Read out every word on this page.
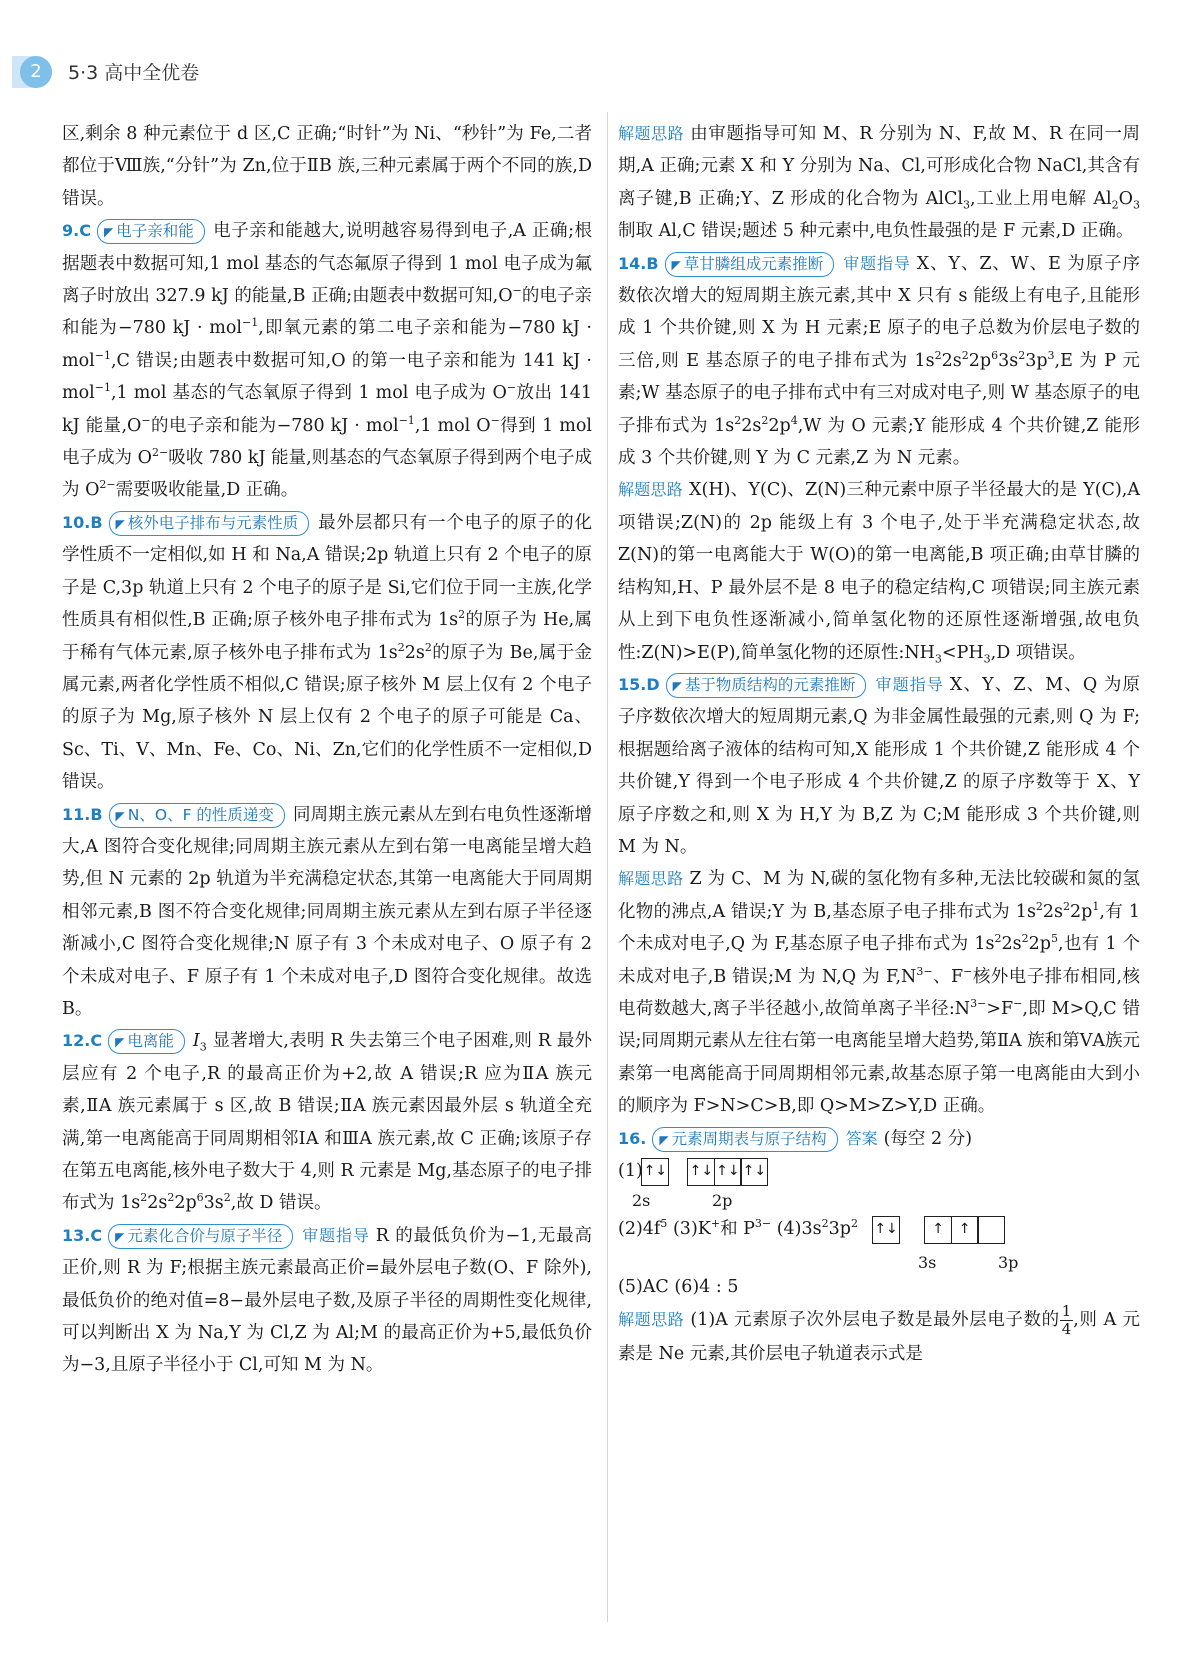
2	5·3 高中全优卷

区,剩余 8 种元素位于 d 区,C 正确;“时针”为 Ni、“秒针”为 Fe,二者都位于Ⅷ族,“分针”为 Zn,位于ⅡB 族,三种元素属于两个不同的族,D 错误。

9.C ◤ 电子亲和能 电子亲和能越大,说明越容易得到电子,A 正确;根据题表中数据可知,1 mol 基态的气态氟原子得到 1 mol 电子成为氟离子时放出 327.9 kJ 的能量,B 正确;由题表中数据可知,O−的电子亲和能为−780 kJ · mol$^{-1}$,即氧元素的第二电子亲和能为−780 kJ · mol$^{-1}$,C 错误;由题表中数据可知,O 的第一电子亲和能为 141 kJ · mol$^{-1}$,1 mol 基态的气态氧原子得到 1 mol 电子成为 O−放出 141 kJ 能量,O−的电子亲和能为−780 kJ · mol$^{-1}$,1 mol O−得到 1 mol 电子成为 $O^{2-}$吸收 780 kJ 能量,则基态的气态氧原子得到两个电子成为 $O^{2-}$需要吸收能量,D 正确。

10.B ◤ 核外电子排布与元素性质 最外层都只有一个电子的原子的化学性质不一定相似,如 H 和 Na,A 错误;2p 轨道上只有 2 个电子的原子是 C,3p 轨道上只有 2 个电子的原子是 Si,它们位于同一主族,化学性质具有相似性,B 正确;原子核外电子排布式为 $1s^2$的原子为 He,属于稀有气体元素,原子核外电子排布式为 $1s^22s^2$的原子为 Be,属于金属元素,两者化学性质不相似,C 错误;原子核外 M 层上仅有 2 个电子的原子为 Mg,原子核外 N 层上仅有 2 个电子的原子可能是 Ca、Sc、Ti、V、Mn、Fe、Co、Ni、Zn,它们的化学性质不一定相似,D 错误。

11.B ◤ N、O、F 的性质递变 同周期主族元素从左到右电负性逐渐增大,A 图符合变化规律;同周期主族元素从左到右第一电离能呈增大趋势,但 N 元素的 2p 轨道为半充满稳定状态,其第一电离能大于同周期相邻元素,B 图不符合变化规律;同周期主族元素从左到右原子半径逐渐减小,C 图符合变化规律;N 原子有 3 个未成对电子、O 原子有 2 个未成对电子、F 原子有 1 个未成对电子,D 图符合变化规律。故选 B。

12.C ◤ 电离能 $I_3$ 显著增大,表明 R 失去第三个电子困难,则 R 最外层应有 2 个电子,R 的最高正价为+2,故 A 错误;R 应为ⅡA 族元素,ⅡA 族元素属于 s 区,故 B 错误;ⅡA 族元素因最外层 s 轨道全充满,第一电离能高于同周期相邻ⅠA 和ⅢA 族元素,故 C 正确;该原子存在第五电离能,核外电子数大于 4,则 R 元素是 Mg,基态原子的电子排布式为 $1s^22s^22p^63s^2$,故 D 错误。

13.C ◤ 元素化合价与原子半径 审题指导 R 的最低负价为−1,无最高正价,则 R 为 F;根据主族元素最高正价=最外层电子数(O、F 除外),最低负价的绝对值=8−最外层电子数,及原子半径的周期性变化规律,可以判断出 X 为 Na,Y 为 Cl,Z 为 Al;M 的最高正价为+5,最低负价为−3,且原子半径小于 Cl,可知 M 为 N。

解题思路 由审题指导可知 M、R 分别为 N、F,故 M、R 在同一周期,A 正确;元素 X 和 Y 分别为 Na、Cl,可形成化合物 NaCl,其含有离子键,B 正确;Y、Z 形成的化合物为 AlCl$_3$,工业上用电解 $Al_2O_3$ 制取 Al,C 错误;题述 5 种元素中,电负性最强的是 F 元素,D 正确。

14.B ◤ 草甘膦组成元素推断 审题指导 X、Y、Z、W、E 为原子序数依次增大的短周期主族元素,其中 X 只有 s 能级上有电子,且能形成 1 个共价键,则 X 为 H 元素;E 原子的电子总数为价层电子数的三倍,则 E 基态原子的电子排布式为 $1s^22s^22p^63s^23p^3,E$ 为 P 元素;W 基态原子的电子排布式中有三对成对电子,则 W 基态原子的电子排布式为 $1s^22s^22p^4,W$ 为 O 元素;Y 能形成 4 个共价键,Z 能形成 3 个共价键,则 Y 为 C 元素,Z 为 N 元素。

解题思路 X(H)、Y(C)、Z(N)三种元素中原子半径最大的是 Y(C),A 项错误;Z(N)的 2p 能级上有 3 个电子,处于半充满稳定状态,故 Z(N)的第一电离能大于 W(O)的第一电离能,B 项正确;由草甘膦的结构知,H、P 最外层不是 8 电子的稳定结构,C 项错误;同主族元素从上到下电负性逐渐减小,简单氢化物的还原性逐渐增强,故电负性:Z(N)>E(P),简单氢化物的还原性$:NH_3<PH_3,D$ 项错误。

15.D ◤ 基于物质结构的元素推断 审题指导 X、Y、Z、M、Q 为原子序数依次增大的短周期元素,Q 为非金属性最强的元素,则 Q 为 F;根据题给离子液体的结构可知,X 能形成 1 个共价键,Z 能形成 4 个共价键,Y 得到一个电子形成 4 个共价键,Z 的原子序数等于 X、Y 原子序数之和,则 X 为 H,Y 为 B,Z 为 C;M 能形成 3 个共价键,则 M 为 N。

解题思路 Z 为 C、M 为 N,碳的氢化物有多种,无法比较碳和氮的氢化物的沸点,A 错误;Y 为 B,基态原子电子排布式为 $1s^22s^22p^1$,有 1 个未成对电子,Q 为 F,基态原子电子排布式为 $1s^22s^22p^5$,也有 1 个未成对电子,B 错误;M 为 N,Q 为 $F,N^{3-}$、F−核外电子排布相同,核电荷数越大,离子半径越小,故简单离子半径$:N^{3-}>F^-$,即 M>Q,C 错误;同周期元素从左往右第一电离能呈增大趋势,第ⅡA 族和第ⅤA族元素第一电离能高于同周期相邻元素,故基态原子第一电离能由大到小的顺序为 F>N>C>B,即 Q>M>Z>Y,D 正确。

16. ◤ 元素周期表与原子结构 答案 (每空 2 分)

(1)↑↓ ↑↓ ↑↓ ↑↓
2s	2p
$(2)4f^5$ (3)K+和 $P^{3-}$ $(4)3s^23p^2$ ↑↓ ↑ ↑
3s	3p

(5)AC (6)4 : 5

解题思路 (1)A 元素原子次外层电子数是最外层电子数的 $\frac{1}{4}$ ,则 A 元素是 Ne 元素,其价层电子轨道表示式是
